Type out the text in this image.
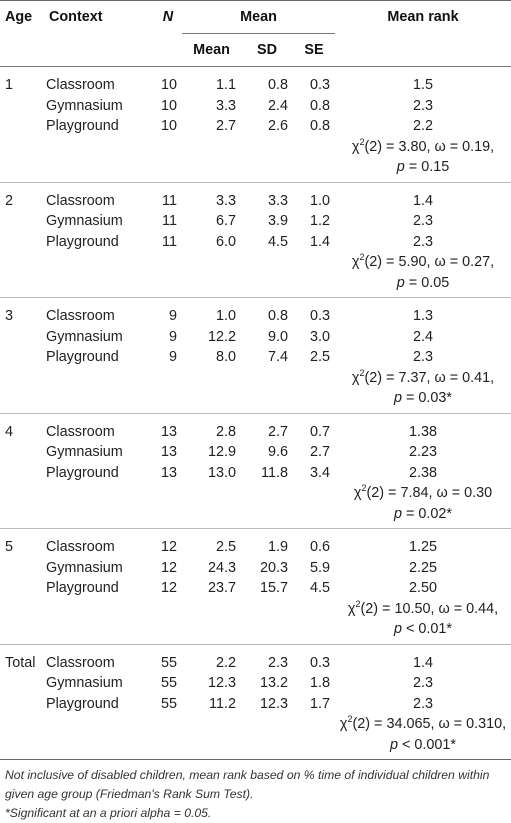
Age	Context	N	Mean			Mean rank
			Mean	SD	SE	
1	Classroom	10	1.1	0.8	0.3	1.5
	Gymnasium	10	3.3	2.4	0.8	2.3
	Playground	10	2.7	2.6	0.8	2.2
						$\chi^2(2) = 3.80$, ω = 0.19,
						p = 0.15
2	Classroom	11	3.3	3.3	1.0	1.4
	Gymnasium	11	6.7	3.9	1.2	2.3
	Playground	11	6.0	4.5	1.4	2.3
						$\chi^2(2) = 5.90$, ω = 0.27,
						p = 0.05
3	Classroom	9	1.0	0.8	0.3	1.3
	Gymnasium	9	12.2	9.0	3.0	2.4
	Playground	9	8.0	7.4	2.5	2.3
						$\chi^2(2) = 7.37$, ω = 0.41,
						p = 0.03*
4	Classroom	13	2.8	2.7	0.7	1.38
	Gymnasium	13	12.9	9.6	2.7	2.23
	Playground	13	13.0	11.8	3.4	2.38
						$\chi^2(2) = 7.84$, ω = 0.30
						p = 0.02*
5	Classroom	12	2.5	1.9	0.6	1.25
	Gymnasium	12	24.3	20.3	5.9	2.25
	Playground	12	23.7	15.7	4.5	2.50
						$\chi^2(2) = 10.50$, ω = 0.44,
						p < 0.01*
Total	Classroom	55	2.2	2.3	0.3	1.4
	Gymnasium	55	12.3	13.2	1.8	2.3
	Playground	55	11.2	12.3	1.7	2.3
						$\chi^2(2) = 34.065$, ω = 0.310,
						p < 0.001*
Not inclusive of disabled children, mean rank based on % time of individual children within given age group (Friedman's Rank Sum Test).
*Significant at an a priori alpha = 0.05.
